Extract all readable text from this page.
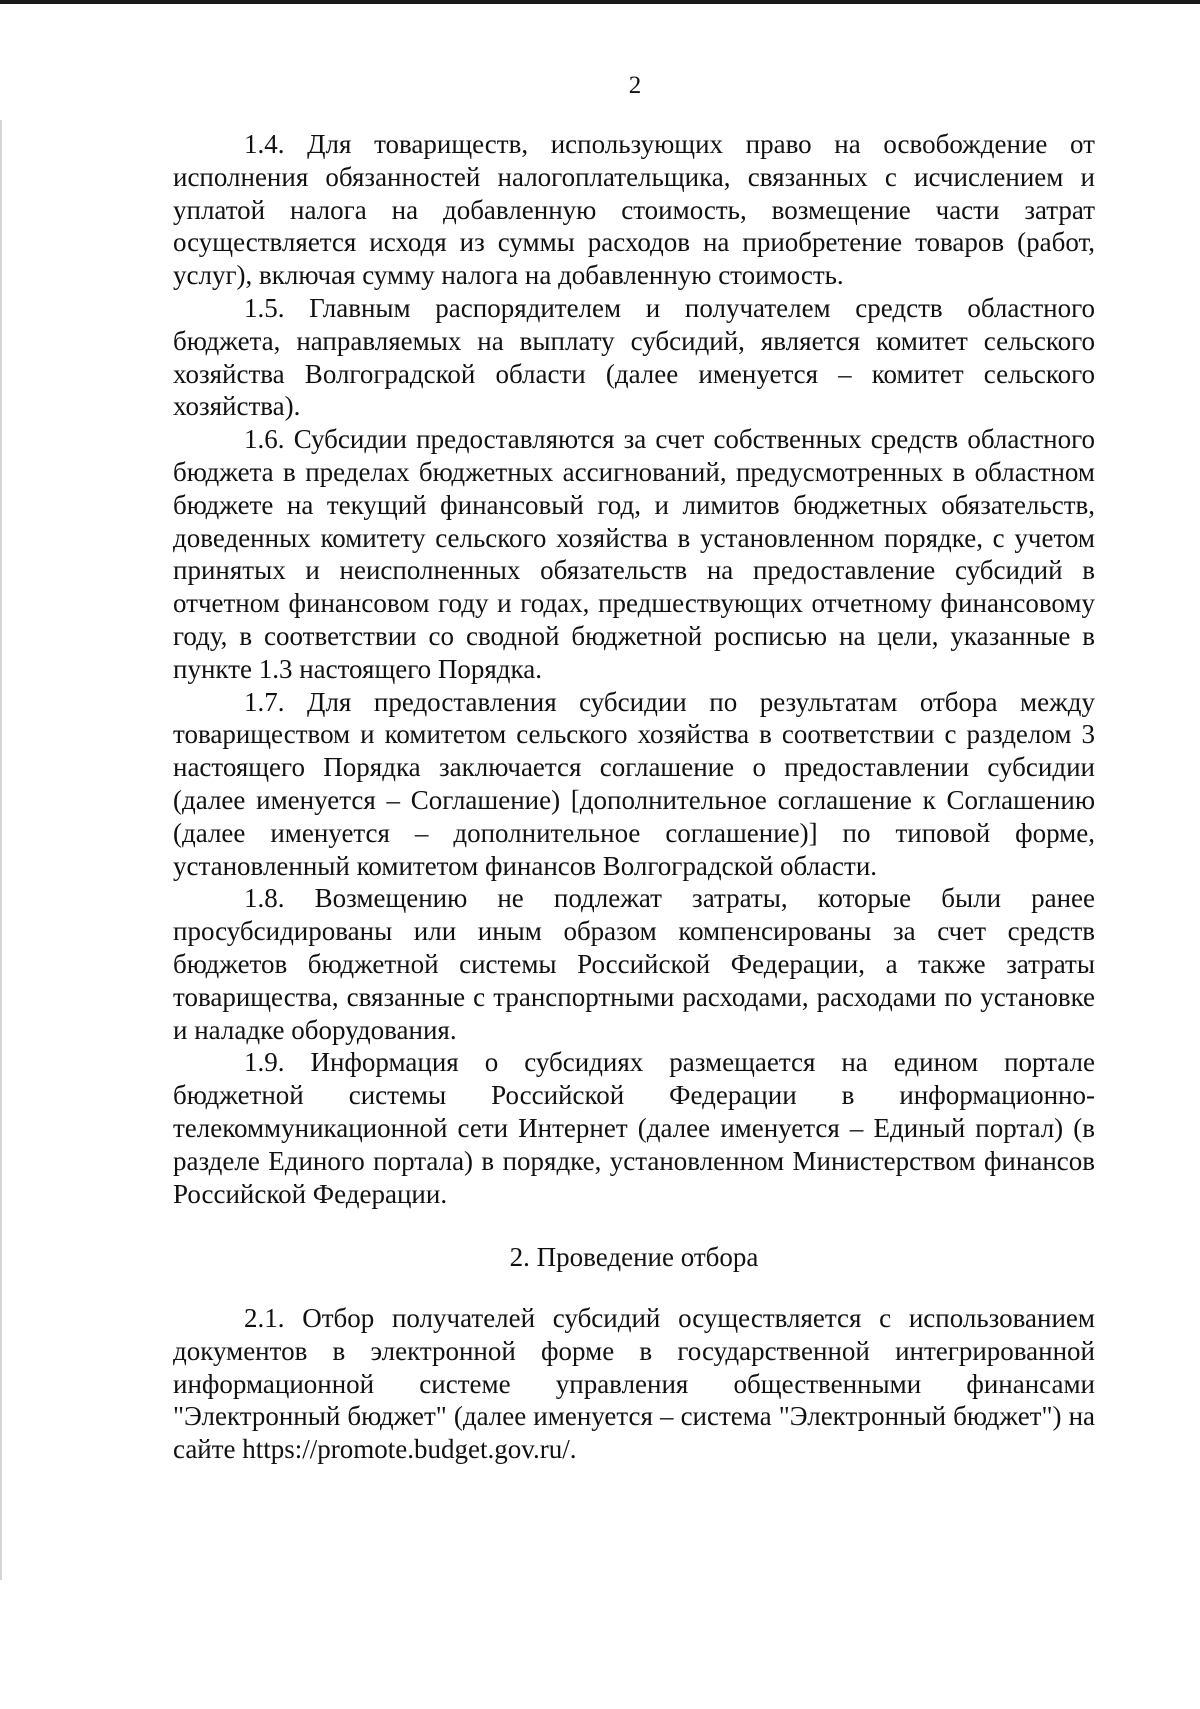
2

1.4. Для товариществ, использующих право на освобождение от исполнения обязанностей налогоплательщика, связанных с исчислением и уплатой налога на добавленную стоимость, возмещение части затрат осуществляется исходя из суммы расходов на приобретение товаров (работ, услуг), включая сумму налога на добавленную стоимость.

1.5. Главным распорядителем и получателем средств областного бюджета, направляемых на выплату субсидий, является комитет сельского хозяйства Волгоградской области (далее именуется – комитет сельского хозяйства).

1.6. Субсидии предоставляются за счет собственных средств областного бюджета в пределах бюджетных ассигнований, предусмотренных в областном бюджете на текущий финансовый год, и лимитов бюджетных обязательств, доведенных комитету сельского хозяйства в установленном порядке, с учетом принятых и неисполненных обязательств на предоставление субсидий в отчетном финансовом году и годах, предшествующих отчетному финансовому году, в соответствии со сводной бюджетной росписью на цели, указанные в пункте 1.3 настоящего Порядка.

1.7. Для предоставления субсидии по результатам отбора между товариществом и комитетом сельского хозяйства в соответствии с разделом 3 настоящего Порядка заключается соглашение о предоставлении субсидии (далее именуется – Соглашение) [дополнительное соглашение к Соглашению (далее именуется – дополнительное соглашение)] по типовой форме, установленный комитетом финансов Волгоградской области.

1.8. Возмещению не подлежат затраты, которые были ранее просубсидированы или иным образом компенсированы за счет средств бюджетов бюджетной системы Российской Федерации, а также затраты товарищества, связанные с транспортными расходами, расходами по установке и наладке оборудования.

1.9. Информация о субсидиях размещается на едином портале бюджетной системы Российской Федерации в информационно-телекоммуникационной сети Интернет (далее именуется – Единый портал) (в разделе Единого портала) в порядке, установленном Министерством финансов Российской Федерации.

2. Проведение отбора

2.1. Отбор получателей субсидий осуществляется с использованием документов в электронной форме в государственной интегрированной информационной системе управления общественными финансами "Электронный бюджет" (далее именуется – система "Электронный бюджет") на сайте https://promote.budget.gov.ru/.
